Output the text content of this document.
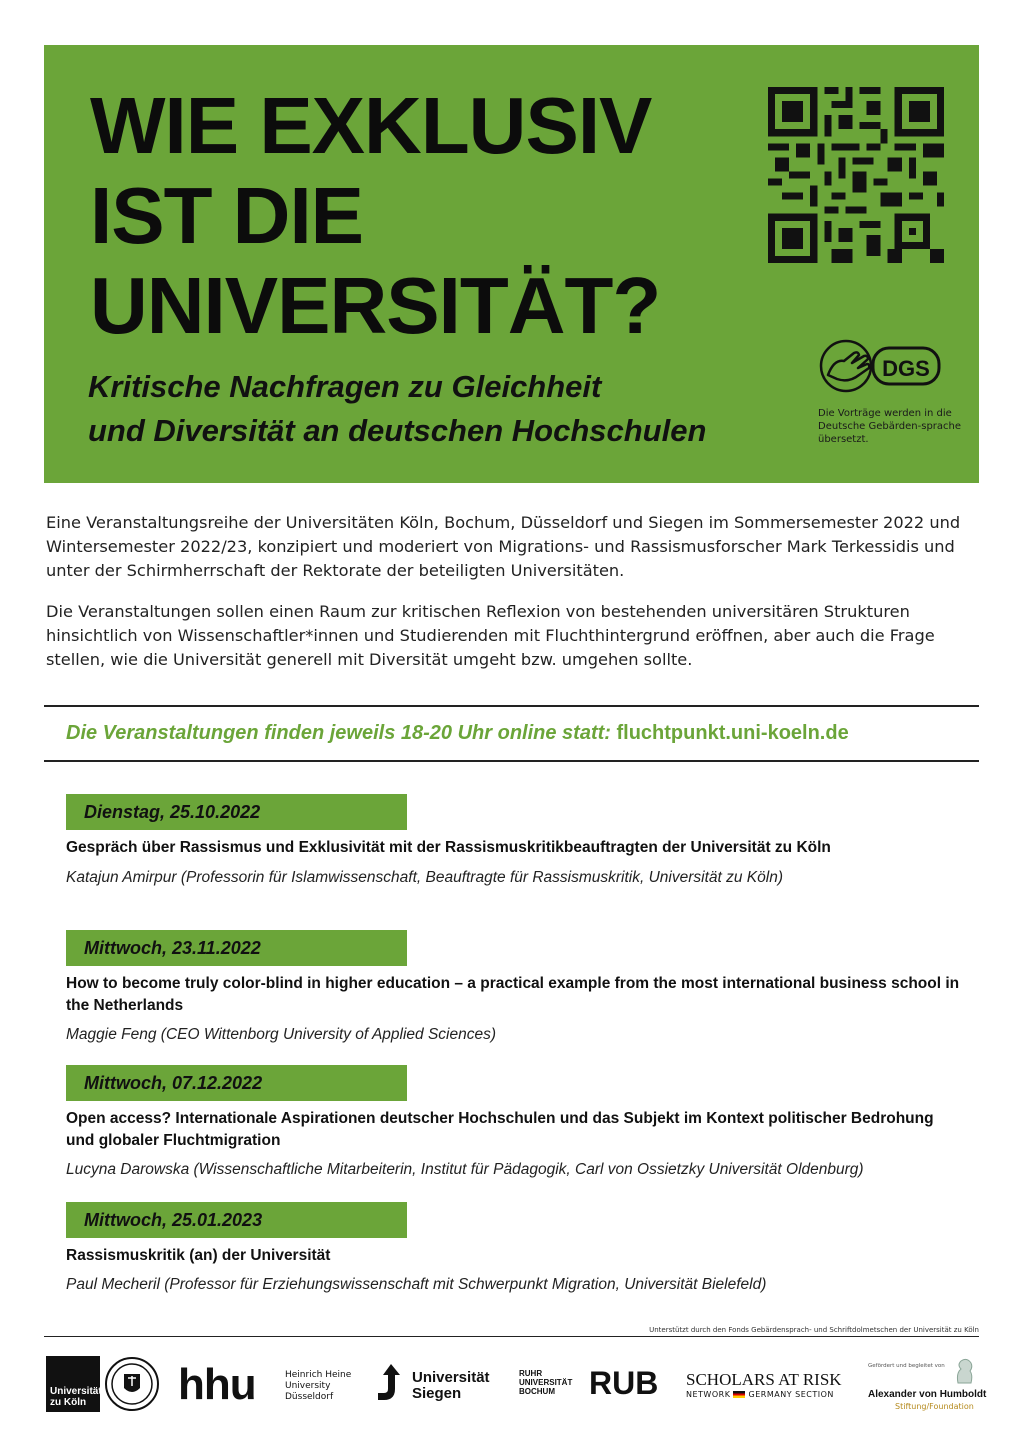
WIE EXKLUSIV
IST DIE
UNIVERSITÄT?
Kritische Nachfragen zu Gleichheit
und Diversität an deutschen Hochschulen
DGS
Die Vorträge werden in die Deutsche Gebärden-sprache übersetzt.

Eine Veranstaltungsreihe der Universitäten Köln, Bochum, Düsseldorf und Siegen im Sommersemester 2022 und Wintersemester 2022/23, konzipiert und moderiert von Migrations- und Rassismusforscher Mark Terkessidis und unter der Schirmherrschaft der Rektorate der beteiligten Universitäten.

Die Veranstaltungen sollen einen Raum zur kritischen Reflexion von bestehenden universitären Strukturen hinsichtlich von Wissenschaftler*innen und Studierenden mit Fluchthintergrund eröffnen, aber auch die Frage stellen, wie die Universität generell mit Diversität umgeht bzw. umgehen sollte.

Die Veranstaltungen finden jeweils 18-20 Uhr online statt: fluchtpunkt.uni-koeln.de
Dienstag, 25.10.2022
Gespräch über Rassismus und Exklusivität mit der Rassismuskritikbeauftragten der Universität zu Köln
Katajun Amirpur (Professorin für Islamwissenschaft, Beauftragte für Rassismuskritik, Universität zu Köln)
Mittwoch, 23.11.2022
How to become truly color-blind in higher education – a practical example from the most international business school in the Netherlands
Maggie Feng (CEO Wittenborg University of Applied Sciences)
Mittwoch, 07.12.2022
Open access? Internationale Aspirationen deutscher Hochschulen und das Subjekt im Kontext politischer Bedrohung und globaler Fluchtmigration
Lucyna Darowska (Wissenschaftliche Mitarbeiterin, Institut für Pädagogik, Carl von Ossietzky Universität Oldenburg)
Mittwoch, 25.01.2023
Rassismuskritik (an) der Universität
Paul Mecheril (Professor für Erziehungswissenschaft mit Schwerpunkt Migration, Universität Bielefeld)
Unterstützt durch den Fonds Gebärdensprach- und Schriftdolmetschen der Universität zu Köln
Universität zu Köln	hhu	Heinrich Heine University Düsseldorf
Universität Siegen
RUHR UNIVERSITÄT BOCHUM	RUB SCHOLARS AT RISK
NETWORK GERMANY SECTION
Gefördert und begleitet von
Alexander von Humboldt
Stiftung/Foundation
